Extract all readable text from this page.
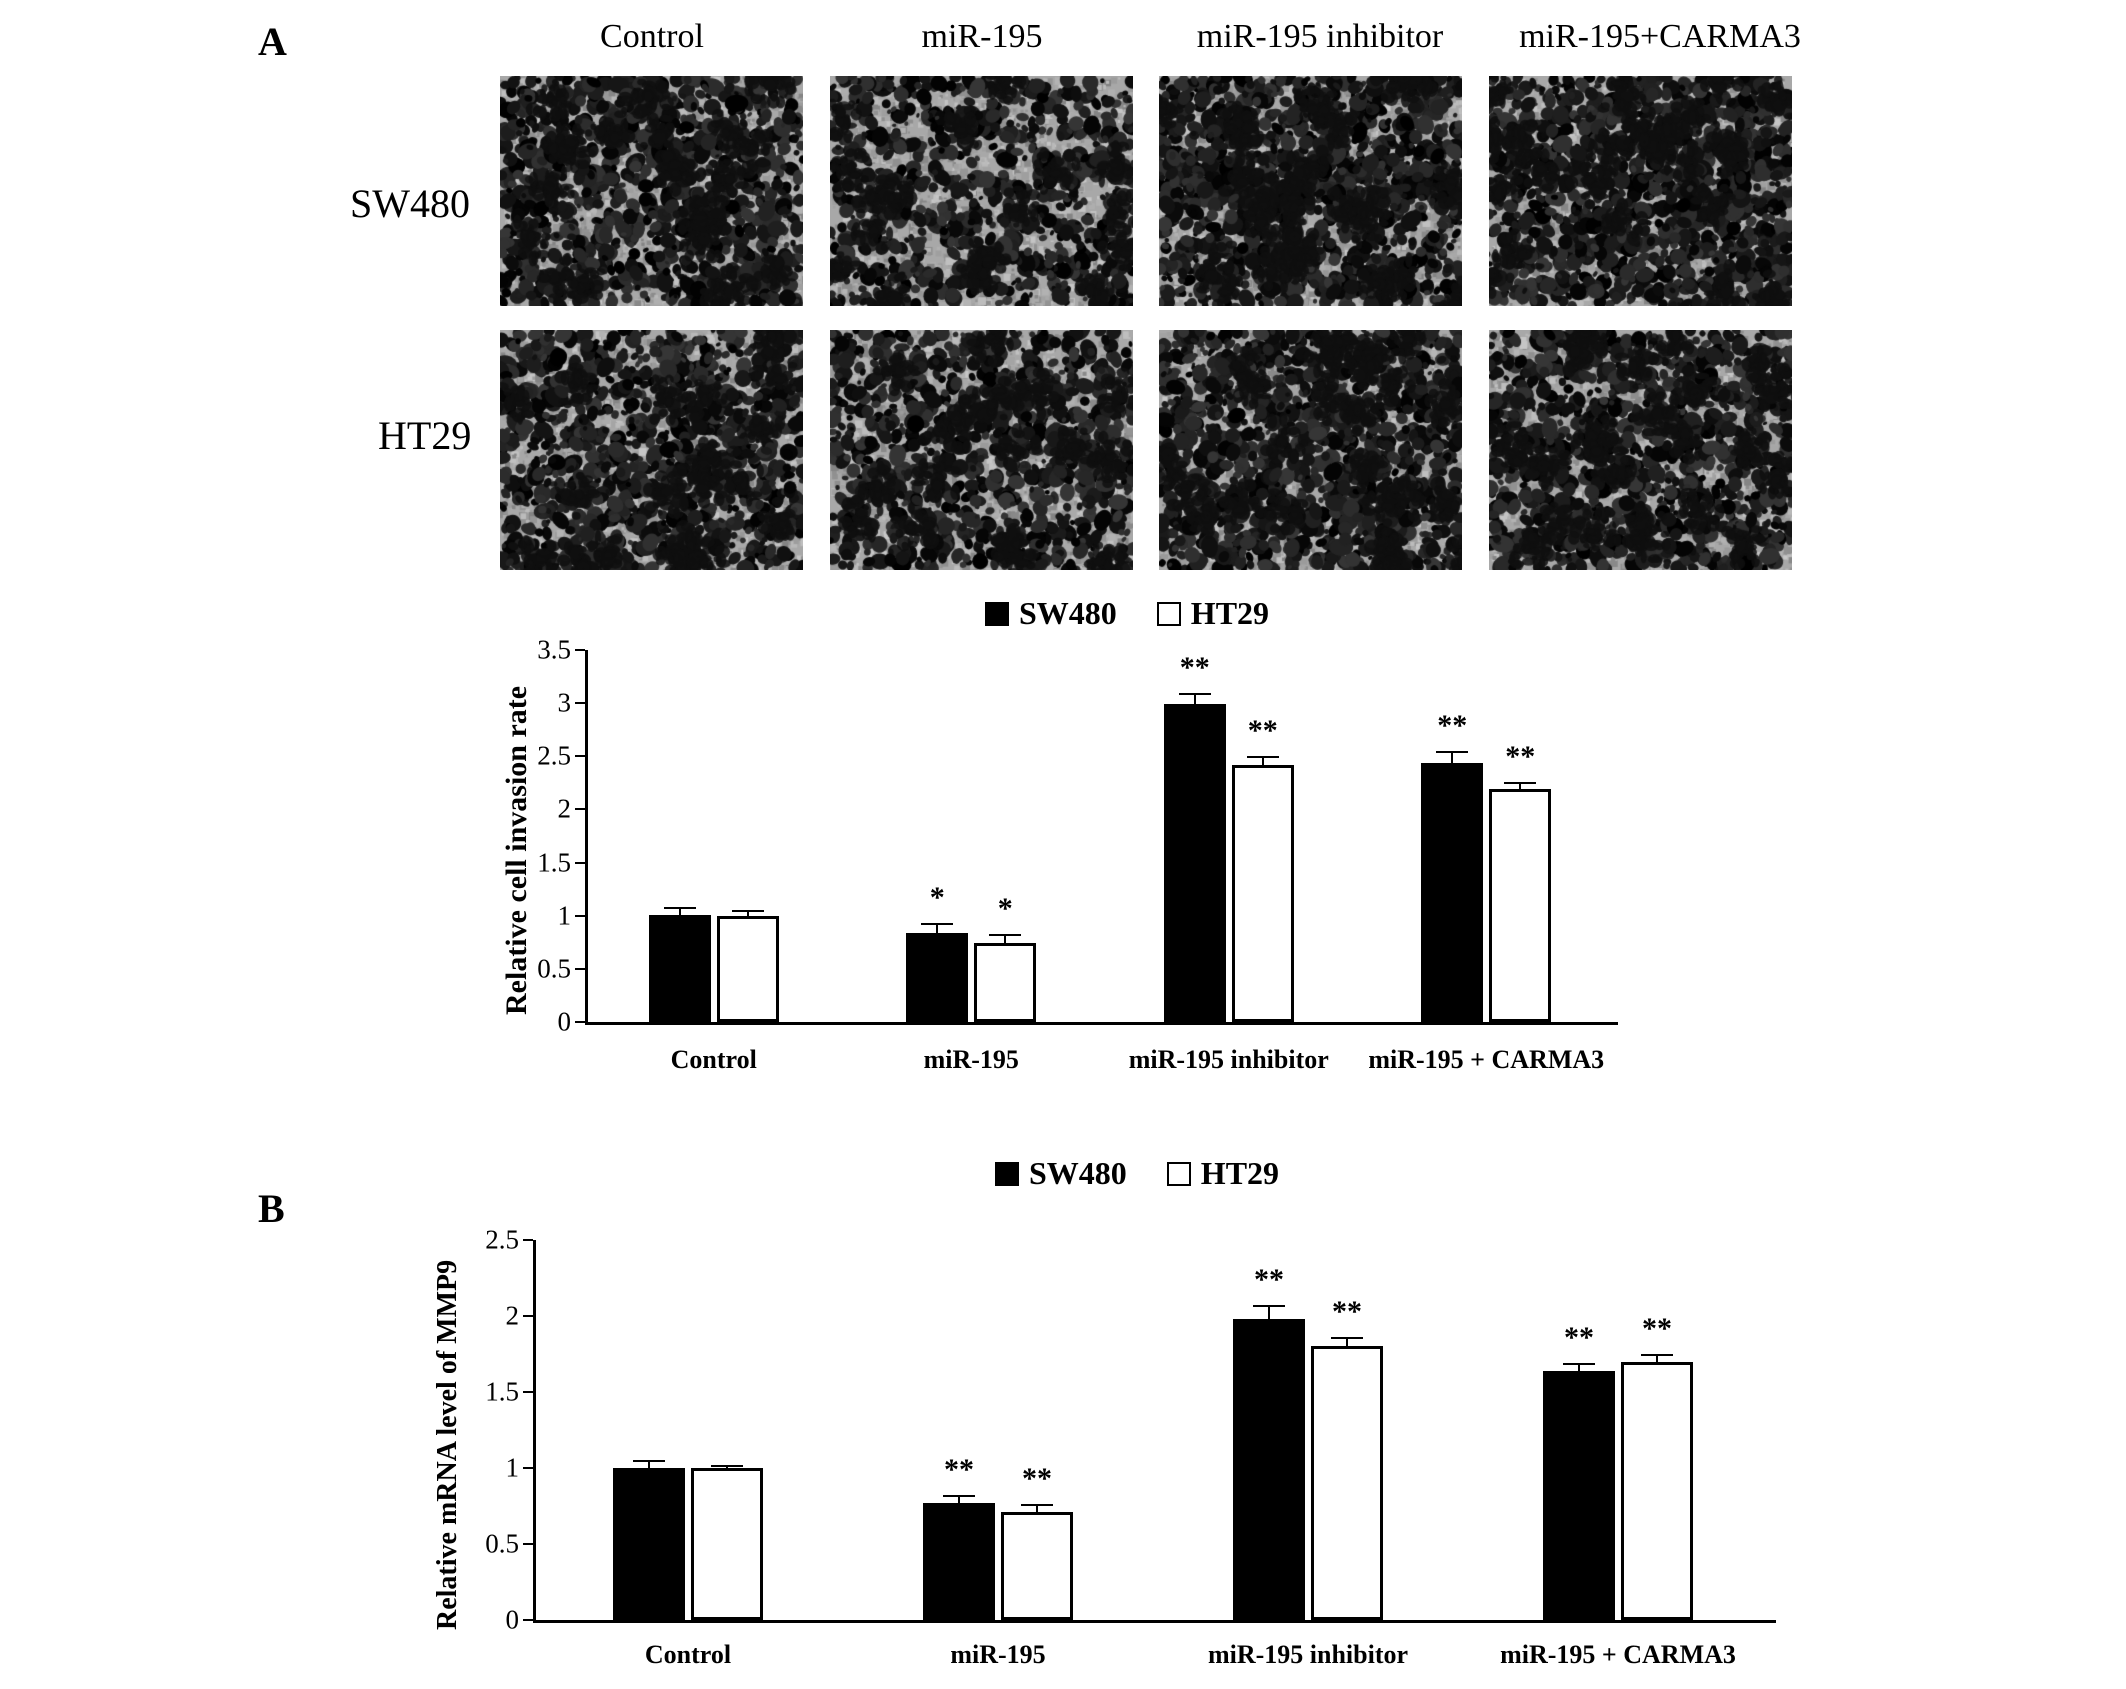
A	Control	miR-195	miR-195 inhibitor	miR-195+CARMA3
SW480
HT29
SW480 HT29
Relative cell invasion rate
0
0.5
1
1.5
2
2.5
3
3.5
Control	miR-195
* *
miR-195 inhibitor
**
**
miR-195 + CARMA3
**
**
B
SW480 HT29
Relative mRNA level of MMP9	0
0.5
1
1.5
2
2.5
Control	miR-195
** **
miR-195 inhibitor
**
**
miR-195 + CARMA3
** **
